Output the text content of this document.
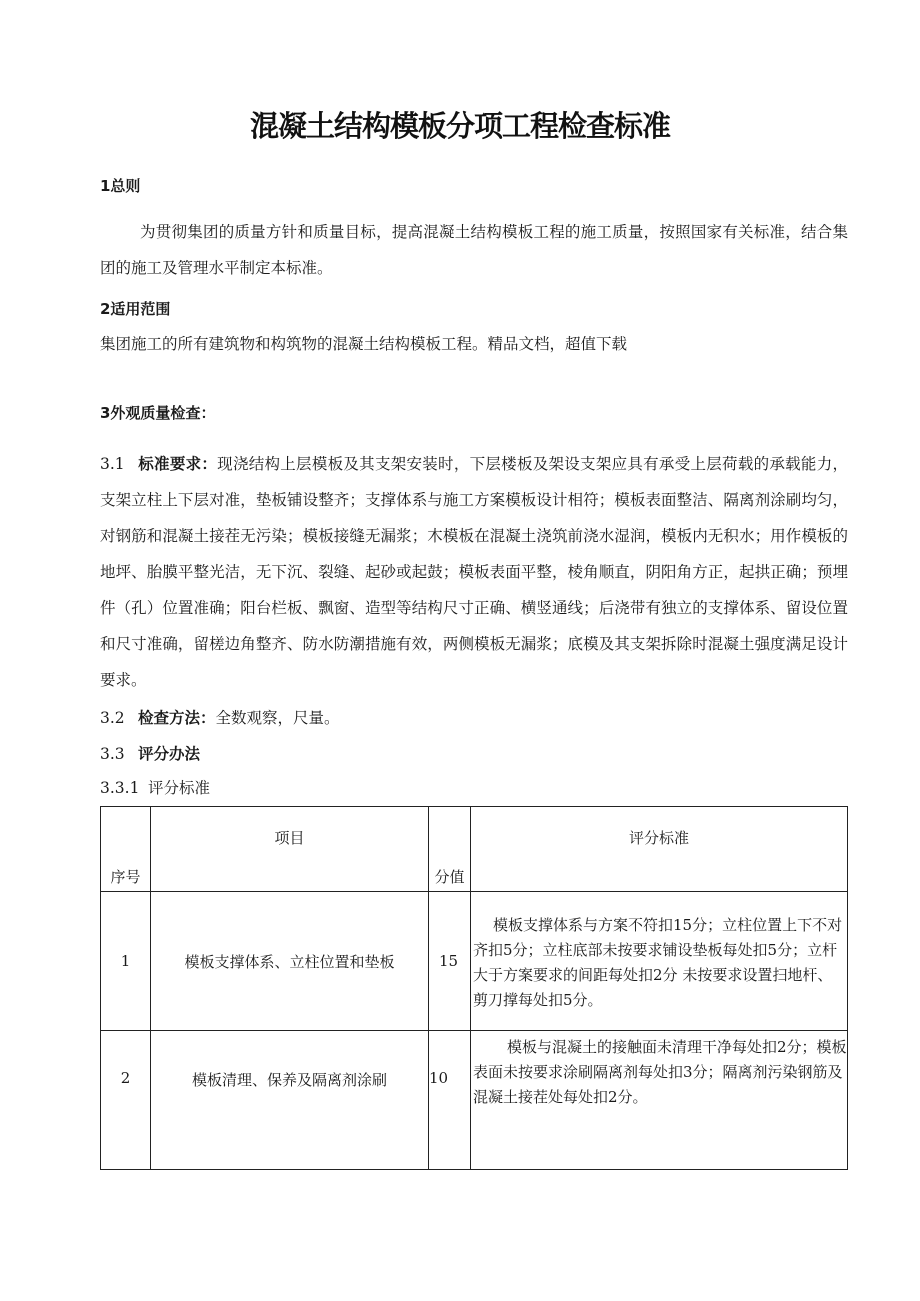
混凝土结构模板分项工程检查标准
1总则

为贯彻集团的质量方针和质量目标，提高混凝土结构模板工程的施工质量，按照国家有关标准，结合集团的施工及管理水平制定本标准。

2适用范围

集团施工的所有建筑物和构筑物的混凝土结构模板工程。精品文档，超值下载

3外观质量检查：

3.1 标准要求：现浇结构上层模板及其支架安装时，下层楼板及架设支架应具有承受上层荷载的承载能力，支架立柱上下层对准，垫板铺设整齐；支撑体系与施工方案模板设计相符；模板表面整洁、隔离剂涂刷均匀，对钢筋和混凝土接茬无污染；模板接缝无漏浆；木模板在混凝土浇筑前浇水湿润，模板内无积水；用作模板的地坪、胎膜平整光洁，无下沉、裂缝、起砂或起鼓；模板表面平整，棱角顺直，阴阳角方正，起拱正确；预埋件（孔）位置准确；阳台栏板、飘窗、造型等结构尺寸正确、横竖通线；后浇带有独立的支撑体系、留设位置和尺寸准确，留槎边角整齐、防水防潮措施有效，两侧模板无漏浆；底模及其支架拆除时混凝土强度满足设计要求。

3.2 检查方法：全数观察，尺量。

3.3 评分办法

3.3.1 评分标准

序号	项目	分值	评分标准
1	模板支撑体系、立柱位置和垫板	15	模板支撑体系与方案不符扣15分；立柱位置上下不对齐扣5分；立柱底部未按要求铺设垫板每处扣5分；立杆大于方案要求的间距每处扣2分 未按要求设置扫地杆、剪刀撑每处扣5分。
2	模板清理、保养及隔离剂涂刷	10	模板与混凝土的接触面未清理干净每处扣2分；模板表面未按要求涂刷隔离剂每处扣3分；隔离剂污染钢筋及混凝土接茬处每处扣2分。
